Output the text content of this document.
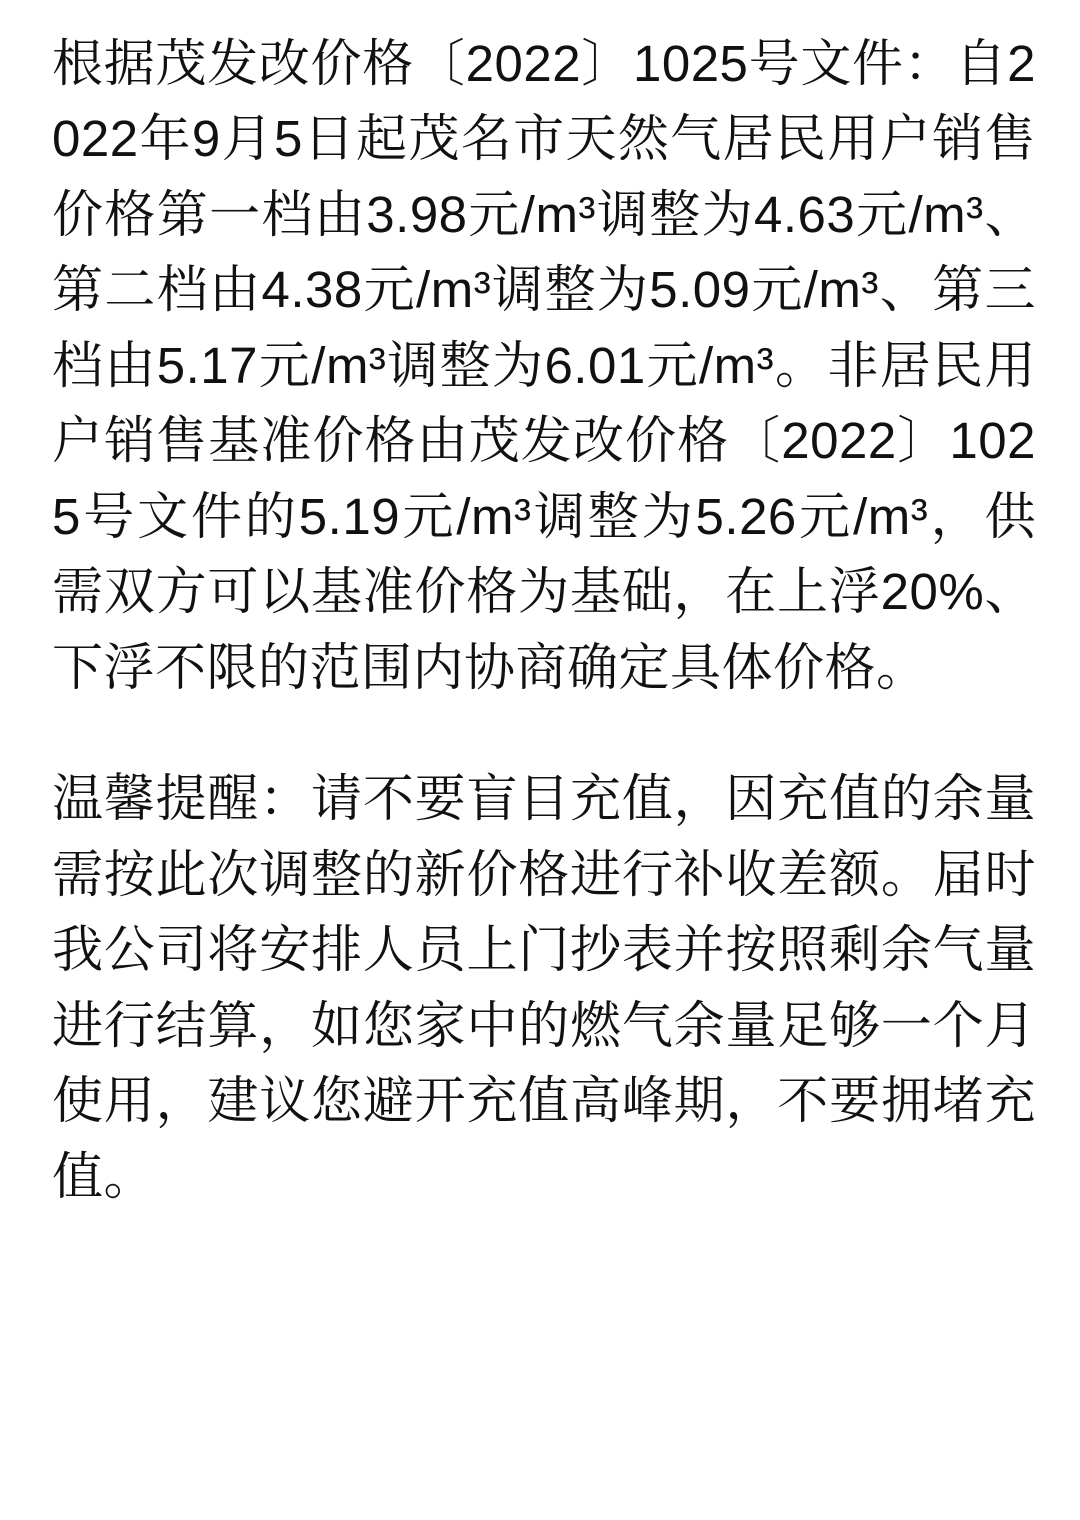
根据茂发改价格〔2022〕1025号文件：自2022年9月5日起茂名市天然气居民用户销售价格第一档由3.98元/m³调整为4.63元/m³、第二档由4.38元/m³调整为5.09元/m³、第三档由5.17元/m³调整为6.01元/m³。非居民用户销售基准价格由茂发改价格〔2022〕1025号文件的5.19元/m³调整为5.26元/m³，供需双方可以基准价格为基础，在上浮20%、下浮不限的范围内协商确定具体价格。

温馨提醒：请不要盲目充值，因充值的余量需按此次调整的新价格进行补收差额。届时我公司将安排人员上门抄表并按照剩余气量进行结算，如您家中的燃气余量足够一个月使用，建议您避开充值高峰期，不要拥堵充值。
